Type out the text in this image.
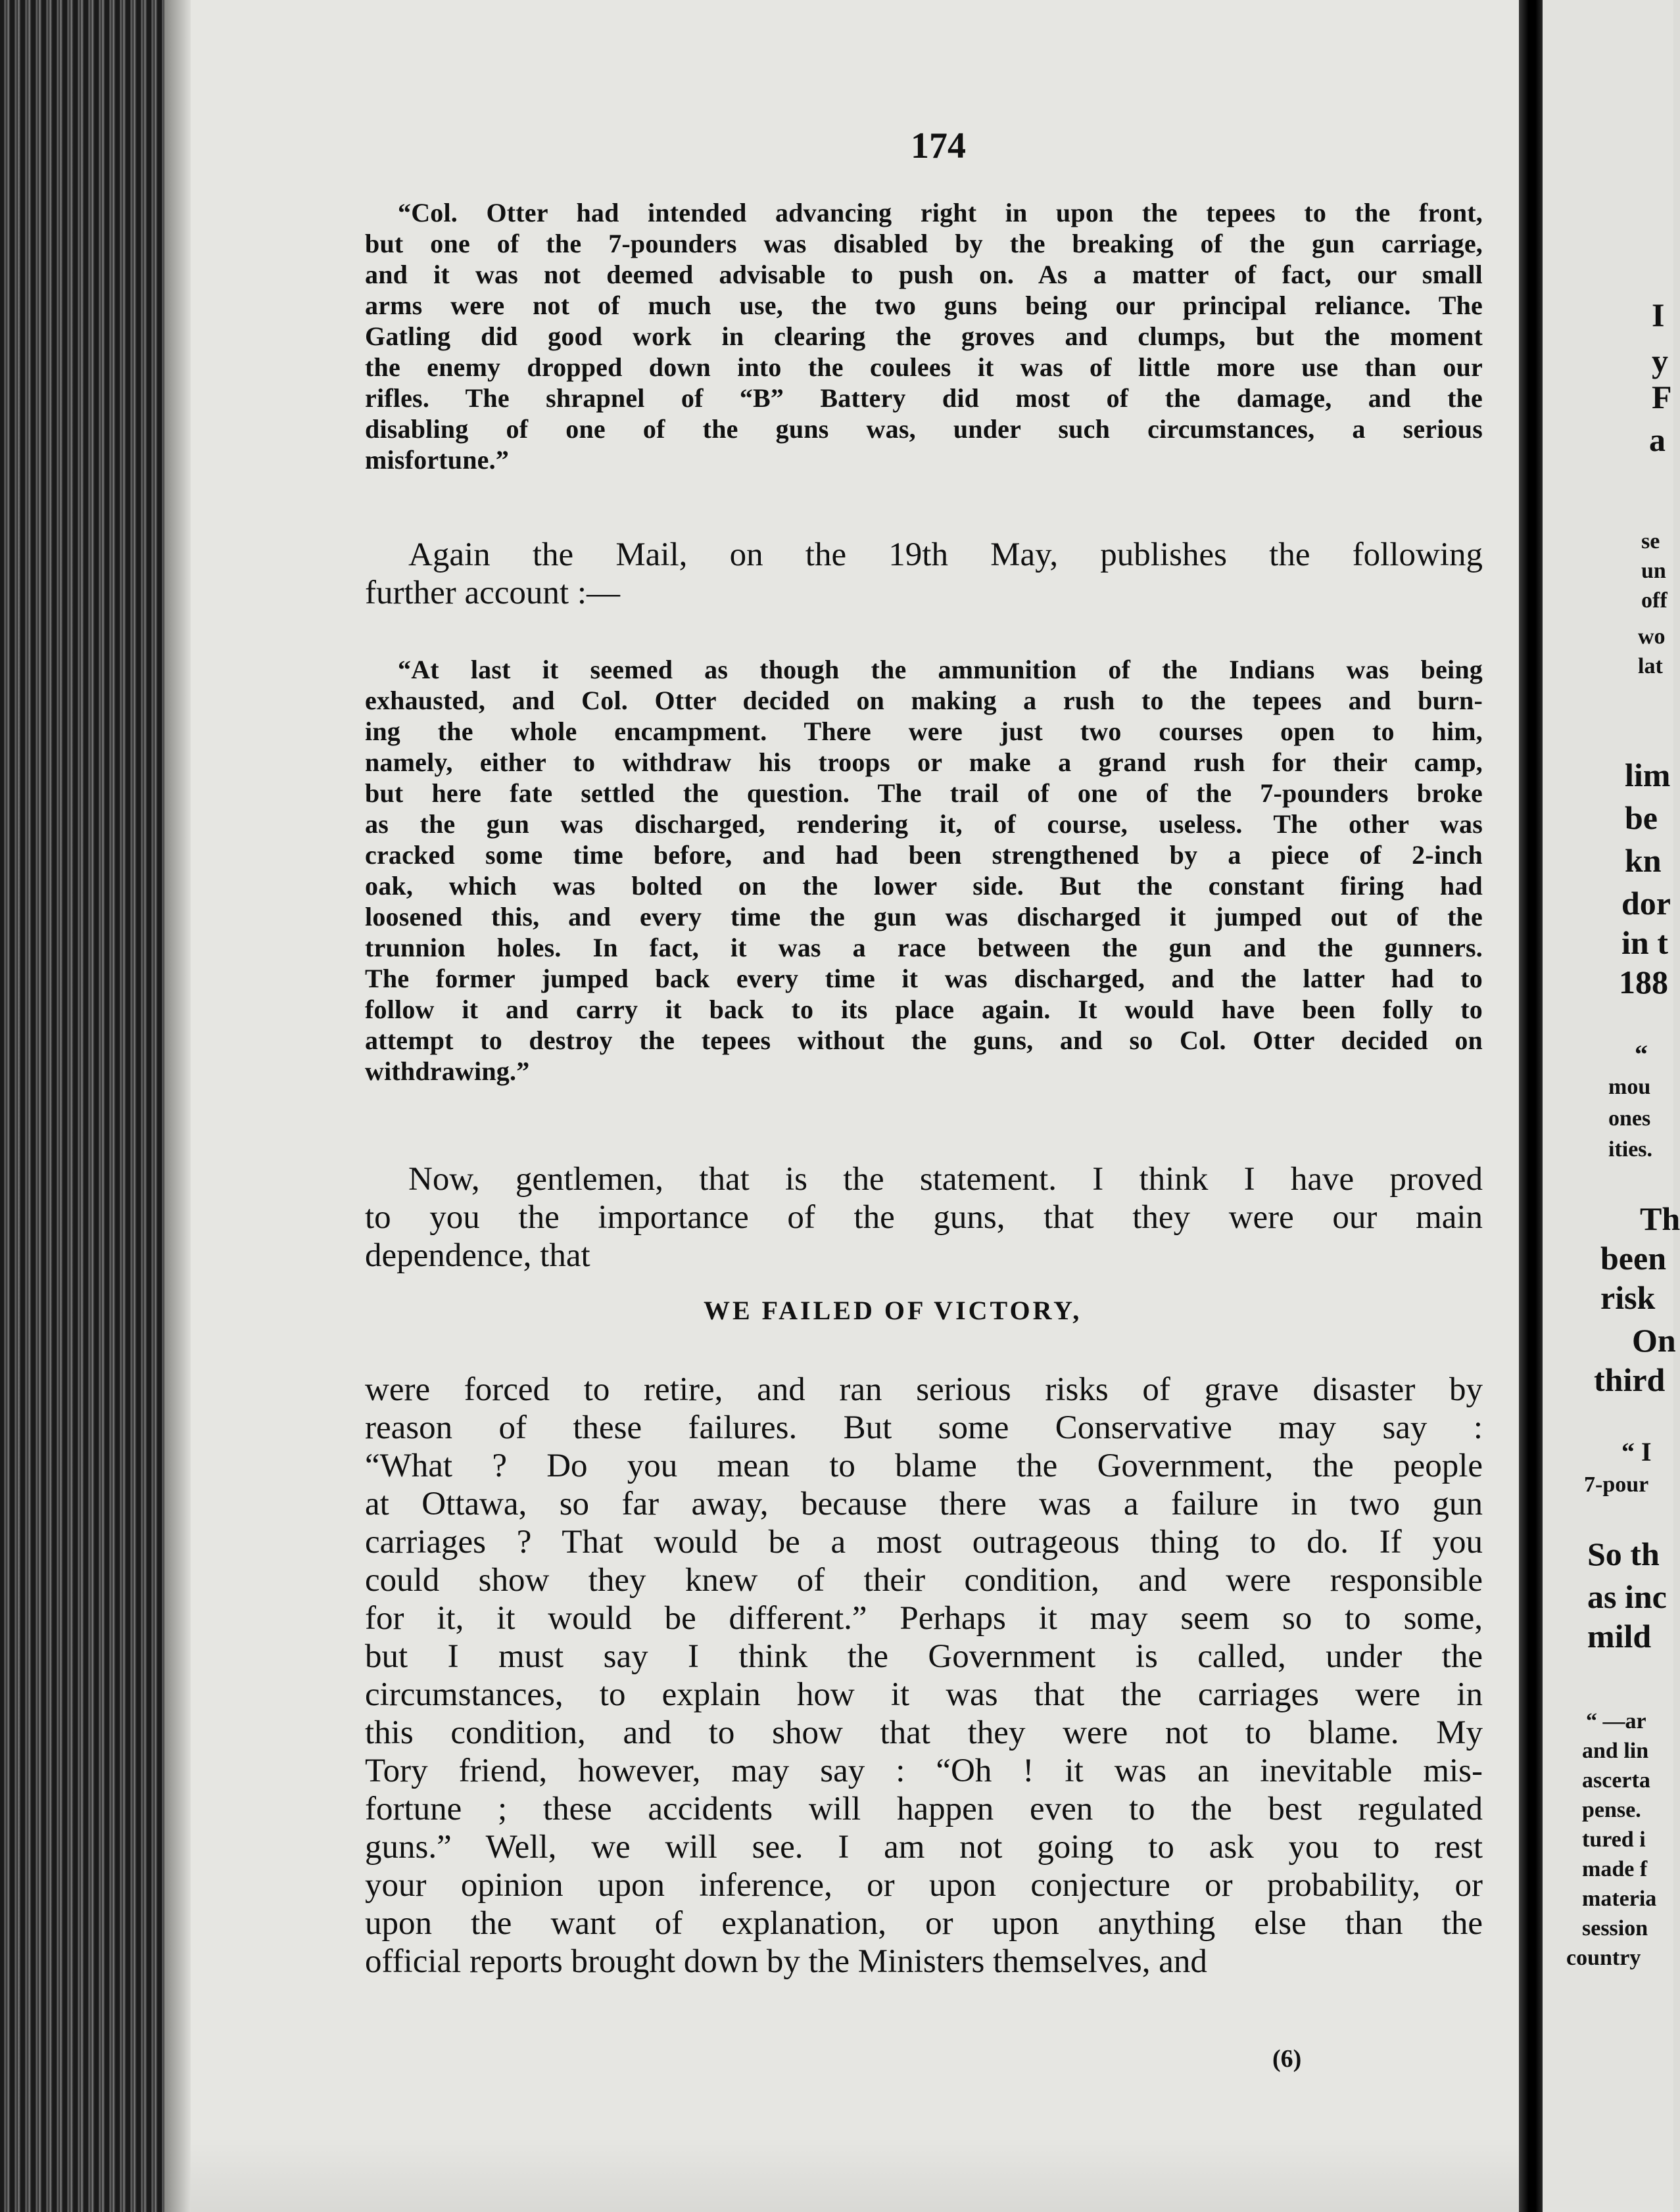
174
“Col. Otter had intended advancing right in upon the tepees to the front,
but one of the 7-pounders was disabled by the breaking of the gun carriage,
and it was not deemed advisable to push on. As a matter of fact, our small
arms were not of much use, the two guns being our principal reliance. The
Gatling did good work in clearing the groves and clumps, but the moment
the enemy dropped down into the coulees it was of little more use than our
rifles. The shrapnel of “B” Battery did most of the damage, and the
disabling of one of the guns was, under such circumstances, a serious
misfortune.”
Again the Mail, on the 19th May, publishes the following
further account :—
“At last it seemed as though the ammunition of the Indians was being
exhausted, and Col. Otter decided on making a rush to the tepees and burn-
ing the whole encampment. There were just two courses open to him,
namely, either to withdraw his troops or make a grand rush for their camp,
but here fate settled the question. The trail of one of the 7-pounders broke
as the gun was discharged, rendering it, of course, useless. The other was
cracked some time before, and had been strengthened by a piece of 2-inch
oak, which was bolted on the lower side. But the constant firing had
loosened this, and every time the gun was discharged it jumped out of the
trunnion holes. In fact, it was a race between the gun and the gunners.
The former jumped back every time it was discharged, and the latter had to
follow it and carry it back to its place again. It would have been folly to
attempt to destroy the tepees without the guns, and so Col. Otter decided on
withdrawing.”
Now, gentlemen, that is the statement. I think I have proved
to you the importance of the guns, that they were our main
dependence, that
WE FAILED OF VICTORY,
were forced to retire, and ran serious risks of grave disaster by
reason of these failures. But some Conservative may say :
“What ? Do you mean to blame the Government, the people
at Ottawa, so far away, because there was a failure in two gun
carriages ? That would be a most outrageous thing to do. If you
could show they knew of their condition, and were responsible
for it, it would be different.” Perhaps it may seem so to some,
but I must say I think the Government is called, under the
circumstances, to explain how it was that the carriages were in
this condition, and to show that they were not to blame. My
Tory friend, however, may say : “Oh ! it was an inevitable mis-
fortune ; these accidents will happen even to the best regulated
guns.” Well, we will see. I am not going to ask you to rest
your opinion upon inference, or upon conjecture or probability, or
upon the want of explanation, or upon anything else than the
official reports brought down by the Ministers themselves, and
(6)
I
y
F
a
se
un
off
wo
lat
lim
be
kn
dor
in t
188
“
mou
ones
ities.
Th
been
risk
On
third
“ I
7-pour
So th
as inc
mild
“ —ar
and lin
ascerta
pense.
tured i
made f
materia
session
country
